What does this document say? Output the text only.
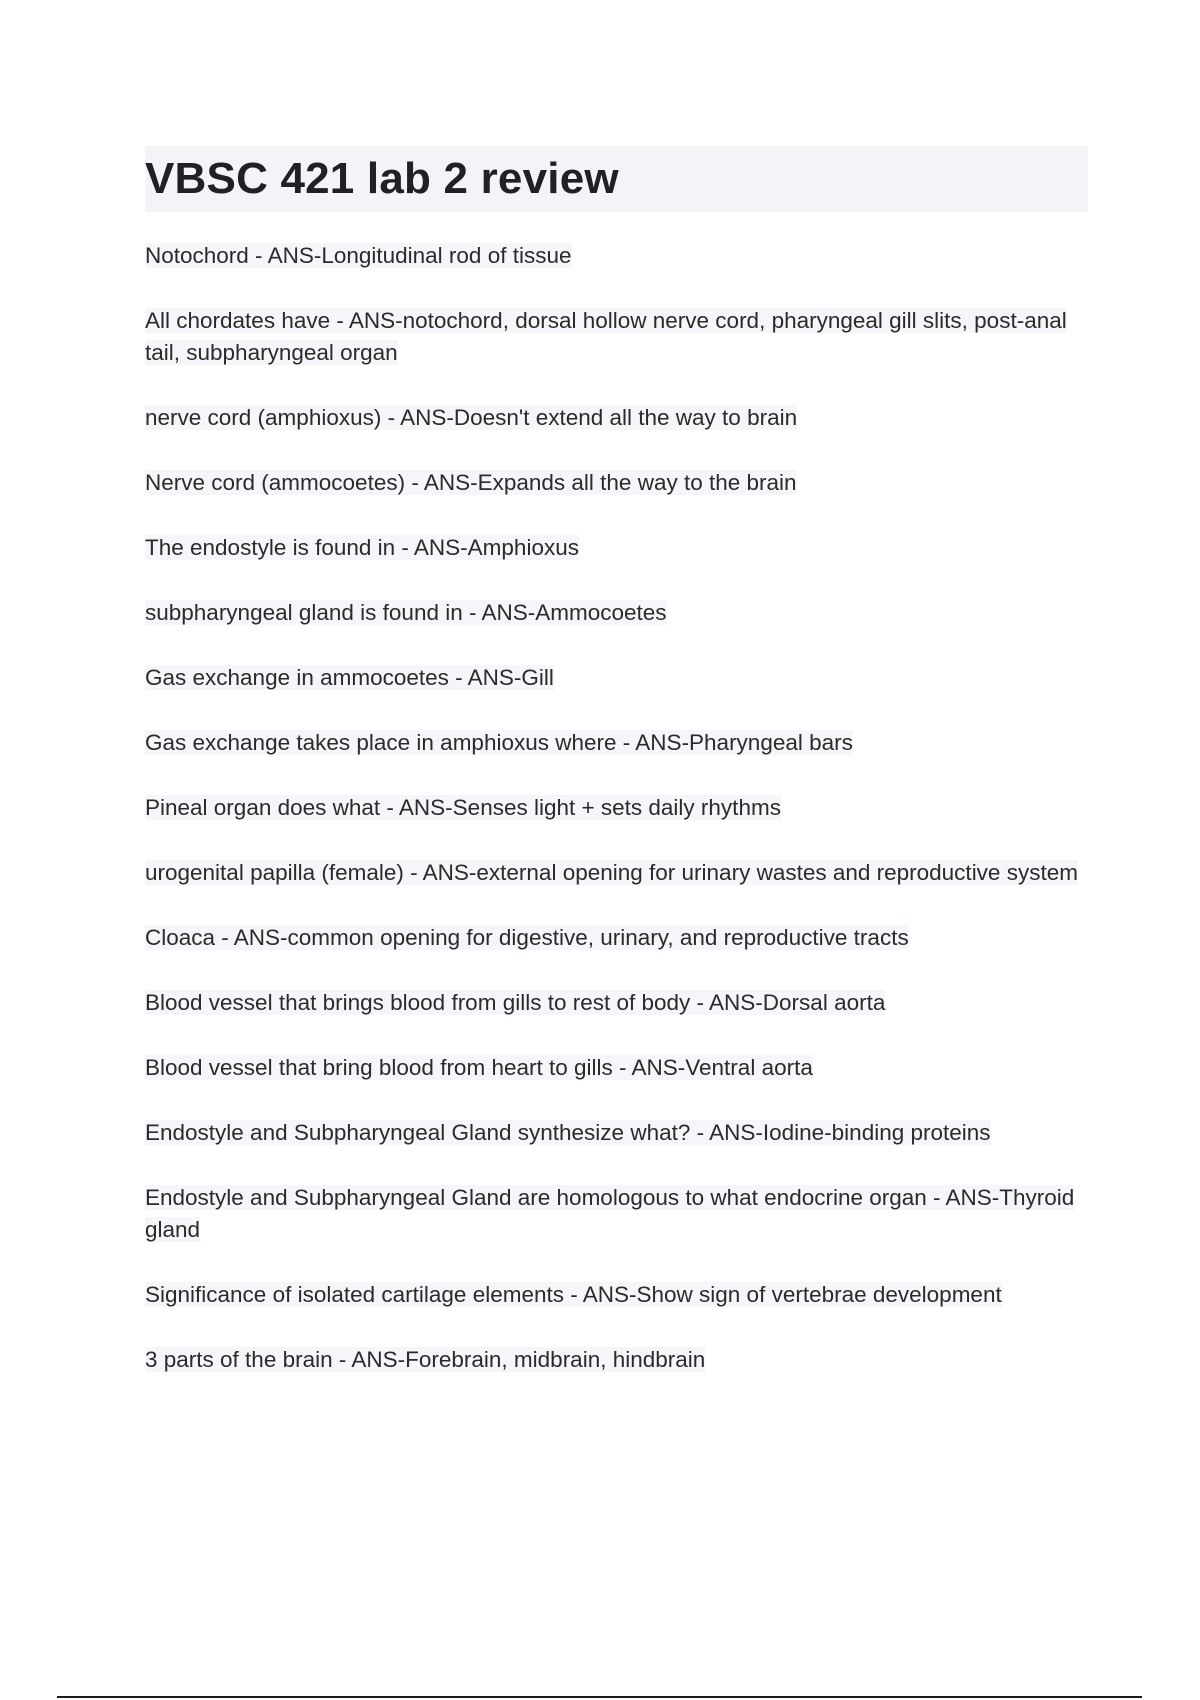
VBSC 421 lab 2 review
Notochord - ANS-Longitudinal rod of tissue
All chordates have - ANS-notochord, dorsal hollow nerve cord, pharyngeal gill slits, post-anal tail, subpharyngeal organ
nerve cord (amphioxus) - ANS-Doesn't extend all the way to brain
Nerve cord (ammocoetes) - ANS-Expands all the way to the brain
The endostyle is found in - ANS-Amphioxus
subpharyngeal gland is found in - ANS-Ammocoetes
Gas exchange in ammocoetes - ANS-Gill
Gas exchange takes place in amphioxus where - ANS-Pharyngeal bars
Pineal organ does what - ANS-Senses light + sets daily rhythms
urogenital papilla (female) - ANS-external opening for urinary wastes and reproductive system
Cloaca - ANS-common opening for digestive, urinary, and reproductive tracts
Blood vessel that brings blood from gills to rest of body - ANS-Dorsal aorta
Blood vessel that bring blood from heart to gills - ANS-Ventral aorta
Endostyle and Subpharyngeal Gland synthesize what? - ANS-Iodine-binding proteins
Endostyle and Subpharyngeal Gland are homologous to what endocrine organ - ANS-Thyroid gland
Significance of isolated cartilage elements - ANS-Show sign of vertebrae development
3 parts of the brain - ANS-Forebrain, midbrain, hindbrain
